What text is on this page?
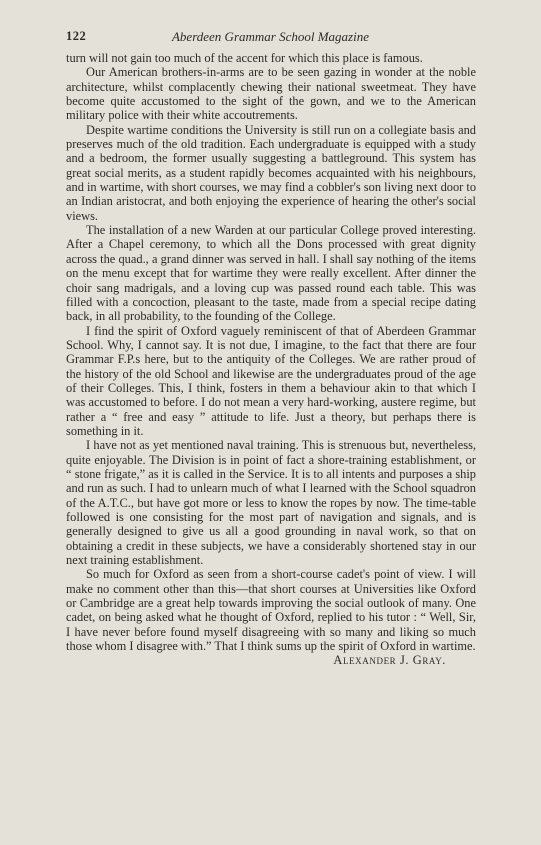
122	Aberdeen Grammar School Magazine

turn will not gain too much of the accent for which this place is famous.

Our American brothers-in-arms are to be seen gazing in wonder at the noble architecture, whilst complacently chewing their national sweetmeat. They have become quite accustomed to the sight of the gown, and we to the American military police with their white accoutrements.

Despite wartime conditions the University is still run on a collegiate basis and preserves much of the old tradition. Each undergraduate is equipped with a study and a bedroom, the former usually suggesting a battleground. This system has great social merits, as a student rapidly becomes acquainted with his neighbours, and in wartime, with short courses, we may find a cobbler's son living next door to an Indian aristocrat, and both enjoying the experience of hearing the other's social views.

The installation of a new Warden at our particular College proved interesting. After a Chapel ceremony, to which all the Dons processed with great dignity across the quad., a grand dinner was served in hall. I shall say nothing of the items on the menu except that for wartime they were really excellent. After dinner the choir sang madrigals, and a loving cup was passed round each table. This was filled with a concoction, pleasant to the taste, made from a special recipe dating back, in all probability, to the founding of the College.

I find the spirit of Oxford vaguely reminiscent of that of Aberdeen Grammar School. Why, I cannot say. It is not due, I imagine, to the fact that there are four Grammar F.P.s here, but to the antiquity of the Colleges. We are rather proud of the history of the old School and likewise are the undergraduates proud of the age of their Colleges. This, I think, fosters in them a behaviour akin to that which I was accustomed to before. I do not mean a very hard-working, austere regime, but rather a “ free and easy ” attitude to life. Just a theory, but perhaps there is something in it.

I have not as yet mentioned naval training. This is strenuous but, nevertheless, quite enjoyable. The Division is in point of fact a shore-training establishment, or “ stone frigate,” as it is called in the Service. It is to all intents and purposes a ship and run as such. I had to unlearn much of what I learned with the School squadron of the A.T.C., but have got more or less to know the ropes by now. The time-table followed is one consisting for the most part of navigation and signals, and is generally designed to give us all a good grounding in naval work, so that on obtaining a credit in these subjects, we have a considerably shortened stay in our next training establishment.

So much for Oxford as seen from a short-course cadet's point of view. I will make no comment other than this—that short courses at Universities like Oxford or Cambridge are a great help towards improving the social outlook of many. One cadet, on being asked what he thought of Oxford, replied to his tutor : “ Well, Sir, I have never before found myself disagreeing with so many and liking so much those whom I disagree with.” That I think sums up the spirit of Oxford in wartime.
Alexander J. Gray.
